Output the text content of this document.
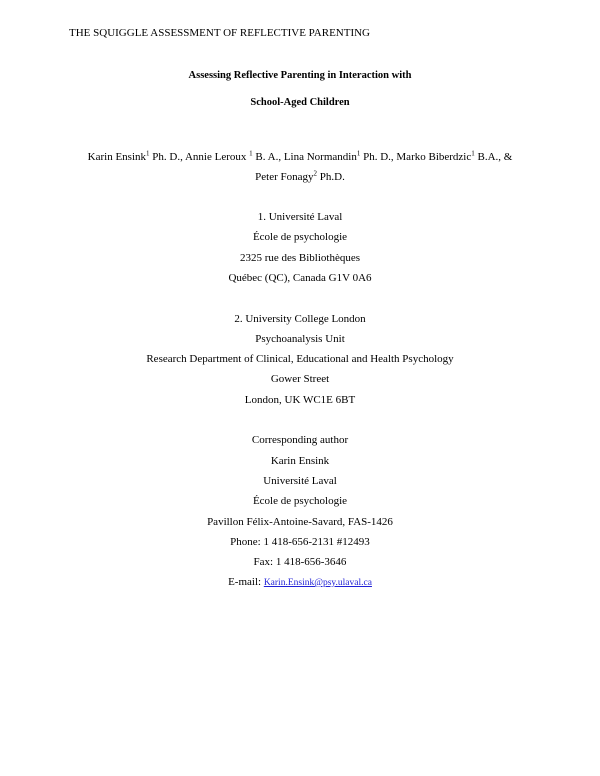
THE SQUIGGLE ASSESSMENT OF REFLECTIVE PARENTING
Assessing Reflective Parenting in Interaction with
School-Aged Children
Karin Ensink$^1$ Ph. D., Annie Leroux $^1$ B. A., Lina Normandin$^1$ Ph. D., Marko Biberdzic$^1$ B.A., &
Peter Fonagy$^2$ Ph.D.
1. Université Laval
École de psychologie
2325 rue des Bibliothèques
Québec (QC), Canada G1V 0A6
2. University College London
Psychoanalysis Unit
Research Department of Clinical, Educational and Health Psychology
Gower Street
London, UK WC1E 6BT
Corresponding author
Karin Ensink
Université Laval
École de psychologie
Pavillon Félix-Antoine-Savard, FAS-1426
Phone: 1 418-656-2131 #12493
Fax: 1 418-656-3646
E-mail: Karin.Ensink@psy.ulaval.ca
